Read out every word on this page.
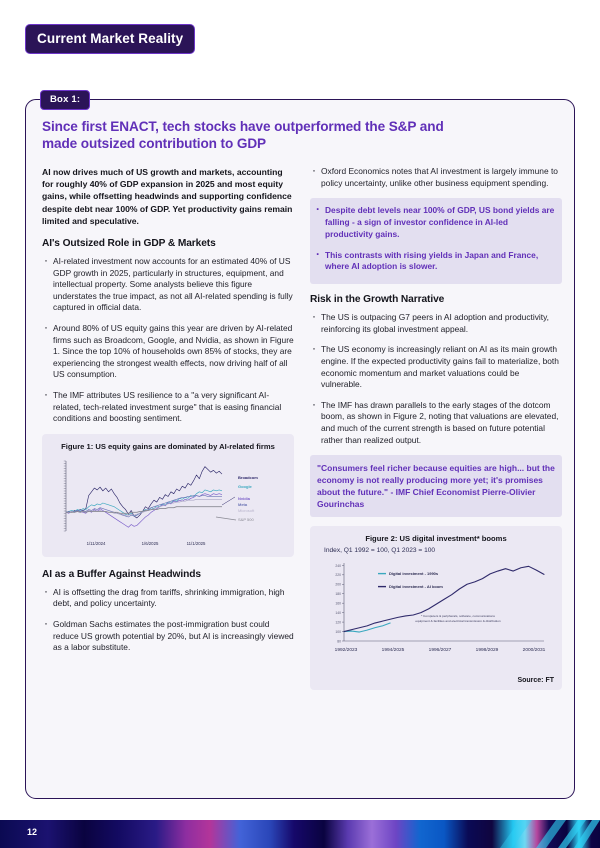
Current Market Reality
Box 1:
Since first ENACT, tech stocks have outperformed the S&P and made outsized contribution to GDP
AI now drives much of US growth and markets, accounting for roughly 40% of GDP expansion in 2025 and most equity gains, while offsetting headwinds and supporting confidence despite debt near 100% of GDP. Yet productivity gains remain limited and speculative.
AI's Outsized Role in GDP & Markets
· AI-related investment now accounts for an estimated 40% of US GDP growth in 2025, particularly in structures, equipment, and intellectual property. Some analysts believe this figure understates the true impact, as not all AI-related spending is fully captured in official data.
· Around 80% of US equity gains this year are driven by AI-related firms such as Broadcom, Google, and Nvidia, as shown in Figure 1. Since the top 10% of households own 85% of stocks, they are experiencing the strongest wealth effects, now driving half of all US consumption.
· The IMF attributes US resilience to a "a very significant AI-related, tech-related investment surge" that is easing financial conditions and boosting sentiment.
Figure 1: US equity gains are dominated by AI-related firms
Broadcom
Google
Nvidia
Meta
Microsoft
S&P 500
1/11/2024	1/6/2025	11/1/2025
AI as a Buffer Against Headwinds
· AI is offsetting the drag from tariffs, shrinking immigration, high debt, and policy uncertainty.
· Goldman Sachs estimates the post-immigration bust could reduce US growth potential by 20%, but AI is increasingly viewed as a labor substitute.
· Oxford Economics notes that AI investment is largely immune to policy uncertainty, unlike other business equipment spending.
· Despite debt levels near 100% of GDP, US bond yields are falling - a sign of investor confidence in AI-led productivity gains.
· This contrasts with rising yields in Japan and France, where AI adoption is slower.
Risk in the Growth Narrative
· The US is outpacing G7 peers in AI adoption and productivity, reinforcing its global investment appeal.
· The US economy is increasingly reliant on AI as its main growth engine. If the expected productivity gains fail to materialize, both economic momentum and market valuations could be vulnerable.
· The IMF has drawn parallels to the early stages of the dotcom boom, as shown in Figure 2, noting that valuations are elevated, and much of the current strength is based on future potential rather than realized output.
"Consumers feel richer because equities are high... but the economy is not really producing more yet; it's promises about the future." - IMF Chief Economist Pierre-Olivier Gourinchas
Figure 2: US digital investment* booms
Index, Q1 1992 = 100, Q1 2023 = 100
80
100
120
140
160
180
200
220
240
Digital investment - 1990s
Digital investment - AI boom
1992/2023	1994/2025	1996/2027	1998/2029	2000/2031
* Computers & peripherals, software, communications
equipment & facilities and electrical transmission & distribution
Source: FT
12
